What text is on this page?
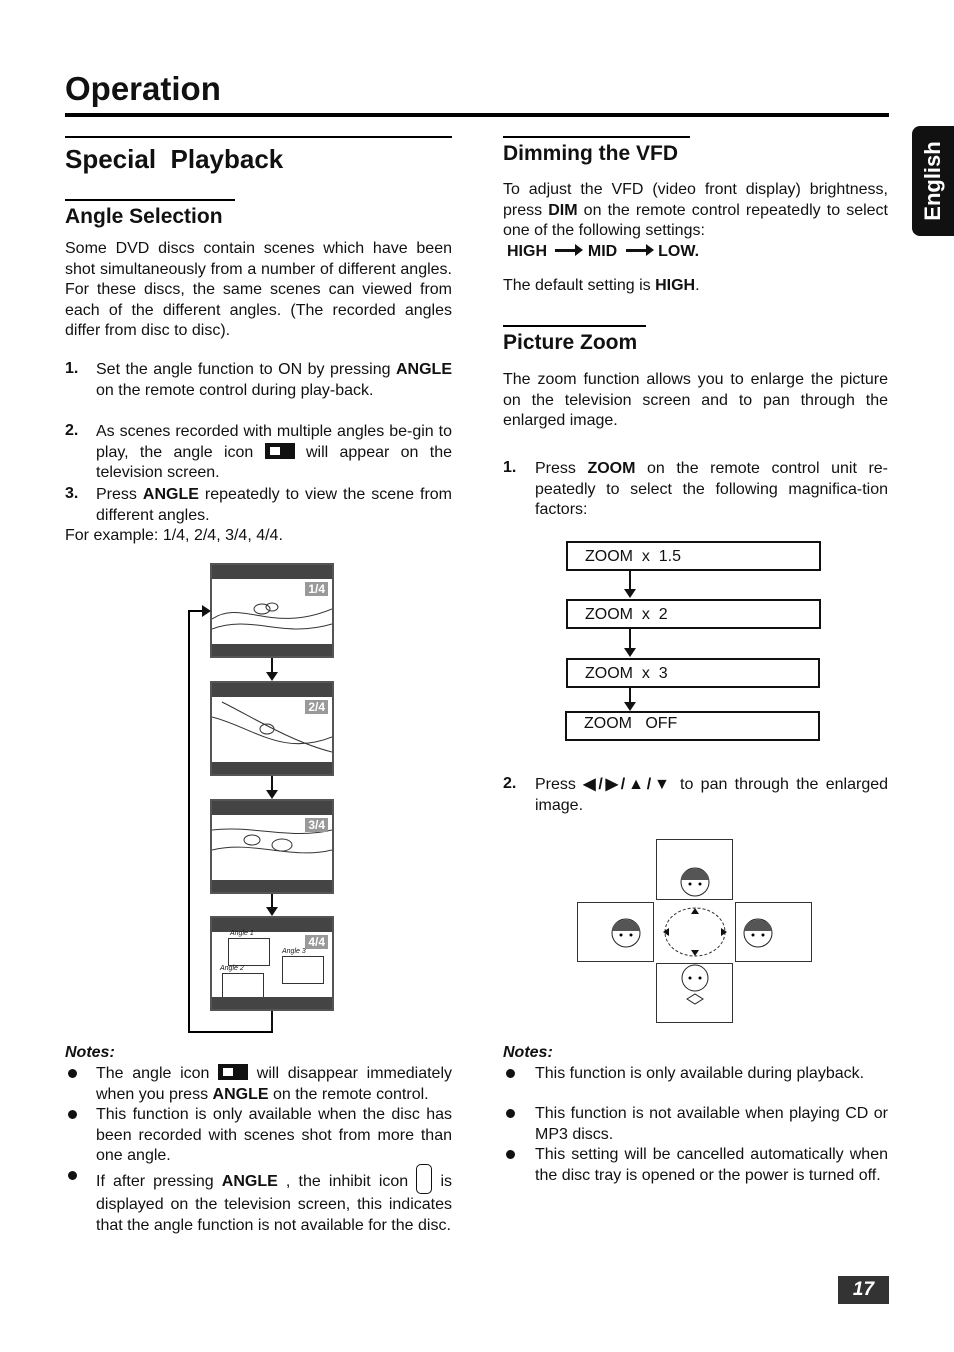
Operation
English
Special  Playback
Angle Selection
Some DVD discs contain scenes which have been shot simultaneously from a number of different angles. For these discs, the same scenes can viewed from each of the different angles. (The recorded angles differ from disc to disc).
1. Set the angle function to ON by pressing ANGLE on the remote control during play-back.
2. As scenes recorded with multiple angles be-gin to play, the angle icon  will appear on the television screen.
3. Press ANGLE repeatedly to view the scene from different angles.
For example: 1/4, 2/4, 3/4, 4/4.
1/4
2/4
3/4
Angle 1
Angle 3
Angle 2
4/4
Notes:
The angle icon  will disappear immediately when you press ANGLE on the remote control.
This function is only available when the disc has been recorded with scenes shot from more than one angle.
If after pressing ANGLE , the inhibit icon  is displayed on the television screen, this indicates that the angle function is not available for the disc.
Dimming the VFD
To adjust the VFD (video front display) brightness, press DIM on the remote control repeatedly to select one of the following settings:
HIGH	MID	LOW.
The default setting is HIGH.
Picture Zoom
The zoom function allows you to enlarge the picture on the television screen and to pan through the enlarged image.
1. Press ZOOM on the remote control unit re-peatedly to select the following magnifica-tion factors:
ZOOM  x  1.5
ZOOM  x  2
ZOOM  x  3
ZOOM   OFF
2. Press ◀/▶/▲/▼ to pan through the enlarged image.
Notes:
This function is only available during playback.
This function is not available when playing CD or MP3 discs.
This setting will be cancelled automatically when the disc tray is opened or the power is turned off.
17
